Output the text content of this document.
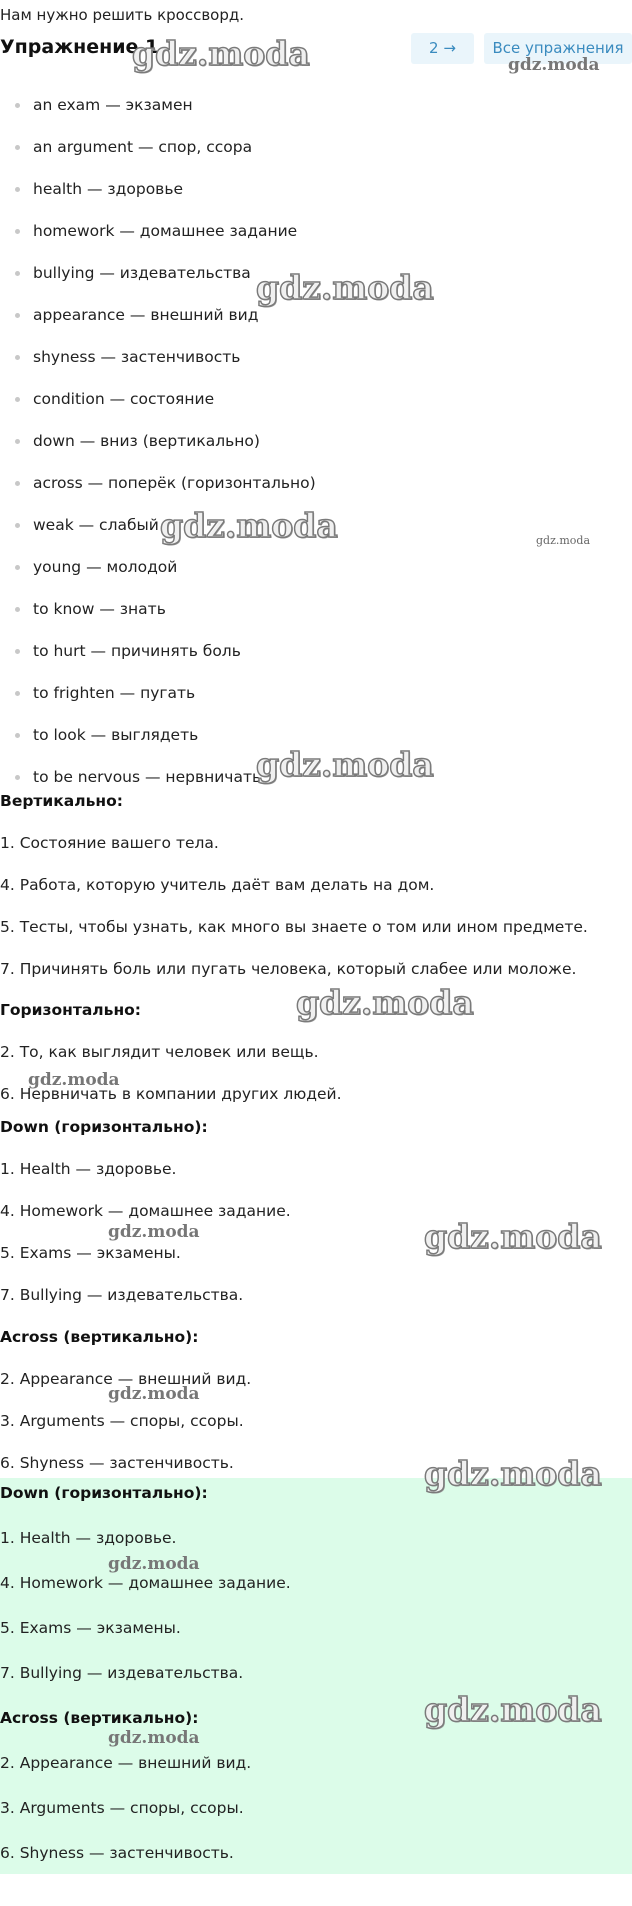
Нам нужно решить кроссворд.
Упражнение 1	2 →	Все упражнения
an exam — экзамен
an argument — спор, ссора
health — здоровье
homework — домашнее задание
bullying — издевательства
appearance — внешний вид
shyness — застенчивость
condition — состояние
down — вниз (вертикально)
across — поперёк (горизонтально)
weak — слабый
young — молодой
to know — знать
to hurt — причинять боль
to frighten — пугать
to look — выглядеть
to be nervous — нервничать
Вертикально:
1. Состояние вашего тела.
4. Работа, которую учитель даёт вам делать на дом.
5. Тесты, чтобы узнать, как много вы знаете о том или ином предмете.
7. Причинять боль или пугать человека, который слабее или моложе.
Горизонтально:
2. То, как выглядит человек или вещь.
6. Нервничать в компании других людей.
Down (горизонтально):
1. Health — здоровье.
4. Homework — домашнее задание.
5. Exams — экзамены.
7. Bullying — издевательства.
Across (вертикально):
2. Appearance — внешний вид.
3. Arguments — споры, ссоры.
6. Shyness — застенчивость.
Down (горизонтально):
1. Health — здоровье.
4. Homework — домашнее задание.
5. Exams — экзамены.
7. Bullying — издевательства.
Across (вертикально):
2. Appearance — внешний вид.
3. Arguments — споры, ссоры.
6. Shyness — застенчивость.
gdz.moda	gdz.moda
gdz.moda
gdz.moda	gdz.moda
gdz.moda
gdz.moda
gdz.moda
gdz.moda	gdz.moda
gdz.moda
gdz.moda
gdz.moda
gdz.moda
gdz.moda
